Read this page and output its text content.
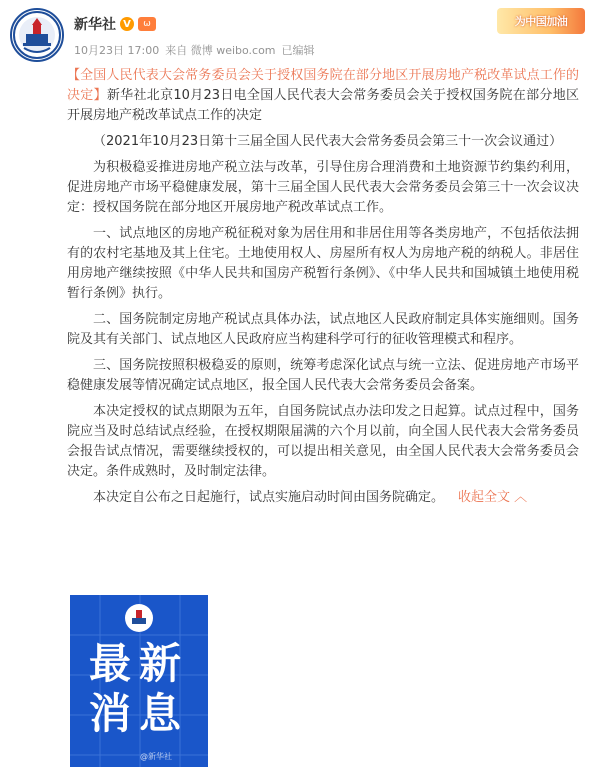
新华社 V	ω
10月23日 17:00 来自 微博 weibo.com 已编辑
为中国加油

【全国人民代表大会常务委员会关于授权国务院在部分地区开展房地产税改革试点工作的决定】新华社北京10月23日电全国人民代表大会常务委员会关于授权国务院在部分地区开展房地产税改革试点工作的决定

（2021年10月23日第十三届全国人民代表大会常务委员会第三十一次会议通过）

为积极稳妥推进房地产税立法与改革，引导住房合理消费和土地资源节约集约利用，促进房地产市场平稳健康发展，第十三届全国人民代表大会常务委员会第三十一次会议决定：授权国务院在部分地区开展房地产税改革试点工作。

一、试点地区的房地产税征税对象为居住用和非居住用等各类房地产，不包括依法拥有的农村宅基地及其上住宅。土地使用权人、房屋所有权人为房地产税的纳税人。非居住用房地产继续按照《中华人民共和国房产税暂行条例》、《中华人民共和国城镇土地使用税暂行条例》执行。

二、国务院制定房地产税试点具体办法，试点地区人民政府制定具体实施细则。国务院及其有关部门、试点地区人民政府应当构建科学可行的征收管理模式和程序。

三、国务院按照积极稳妥的原则，统筹考虑深化试点与统一立法、促进房地产市场平稳健康发展等情况确定试点地区，报全国人民代表大会常务委员会备案。

本决定授权的试点期限为五年，自国务院试点办法印发之日起算。试点过程中，国务院应当及时总结试点经验，在授权期限届满的六个月以前，向全国人民代表大会常务委员会报告试点情况，需要继续授权的，可以提出相关意见，由全国人民代表大会常务委员会决定。条件成熟时，及时制定法律。

本决定自公布之日起施行，试点实施启动时间由国务院确定。 收起全文 ︿

最新
消息
@新华社
